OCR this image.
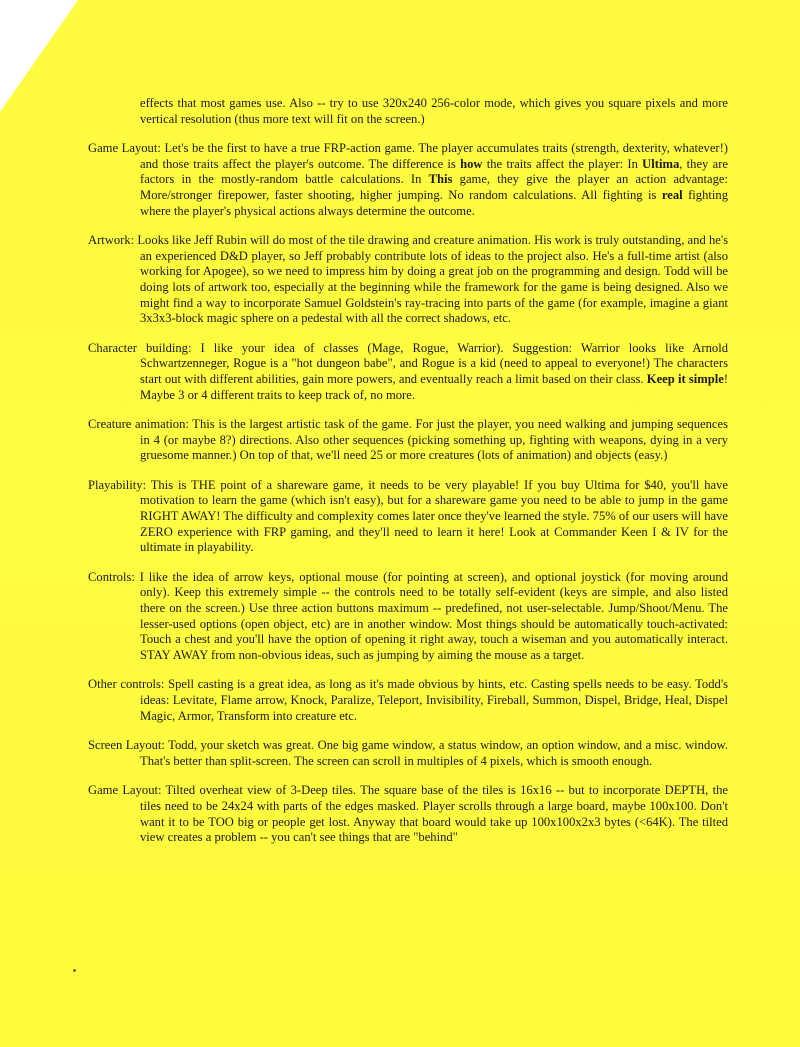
effects that most games use. Also -- try to use 320x240 256-color mode, which gives you square pixels and more vertical resolution (thus more text will fit on the screen.)

Game Layout: Let's be the first to have a true FRP-action game. The player accumulates traits (strength, dexterity, whatever!) and those traits affect the player's outcome. The difference is how the traits affect the player: In Ultima, they are factors in the mostly-random battle calculations. In This game, they give the player an action advantage: More/stronger firepower, faster shooting, higher jumping. No random calculations. All fighting is real fighting where the player's physical actions always determine the outcome.

Artwork: Looks like Jeff Rubin will do most of the tile drawing and creature animation. His work is truly outstanding, and he's an experienced D&D player, so Jeff probably contribute lots of ideas to the project also. He's a full-time artist (also working for Apogee), so we need to impress him by doing a great job on the programming and design. Todd will be doing lots of artwork too, especially at the beginning while the framework for the game is being designed. Also we might find a way to incorporate Samuel Goldstein's ray-tracing into parts of the game (for example, imagine a giant 3x3x3-block magic sphere on a pedestal with all the correct shadows, etc.

Character building: I like your idea of classes (Mage, Rogue, Warrior). Suggestion: Warrior looks like Arnold Schwartzenneger, Rogue is a "hot dungeon babe", and Rogue is a kid (need to appeal to everyone!) The characters start out with different abilities, gain more powers, and eventually reach a limit based on their class. Keep it simple! Maybe 3 or 4 different traits to keep track of, no more.

Creature animation: This is the largest artistic task of the game. For just the player, you need walking and jumping sequences in 4 (or maybe 8?) directions. Also other sequences (picking something up, fighting with weapons, dying in a very gruesome manner.) On top of that, we'll need 25 or more creatures (lots of animation) and objects (easy.)

Playability: This is THE point of a shareware game, it needs to be very playable! If you buy Ultima for $40, you'll have motivation to learn the game (which isn't easy), but for a shareware game you need to be able to jump in the game RIGHT AWAY! The difficulty and complexity comes later once they've learned the style. 75% of our users will have ZERO experience with FRP gaming, and they'll need to learn it here! Look at Commander Keen I & IV for the ultimate in playability.

Controls: I like the idea of arrow keys, optional mouse (for pointing at screen), and optional joystick (for moving around only). Keep this extremely simple -- the controls need to be totally self-evident (keys are simple, and also listed there on the screen.) Use three action buttons maximum -- predefined, not user-selectable. Jump/Shoot/Menu. The lesser-used options (open object, etc) are in another window. Most things should be automatically touch-activated: Touch a chest and you'll have the option of opening it right away, touch a wiseman and you automatically interact. STAY AWAY from non-obvious ideas, such as jumping by aiming the mouse as a target.

Other controls: Spell casting is a great idea, as long as it's made obvious by hints, etc. Casting spells needs to be easy. Todd's ideas: Levitate, Flame arrow, Knock, Paralize, Teleport, Invisibility, Fireball, Summon, Dispel, Bridge, Heal, Dispel Magic, Armor, Transform into creature etc.

Screen Layout: Todd, your sketch was great. One big game window, a status window, an option window, and a misc. window. That's better than split-screen. The screen can scroll in multiples of 4 pixels, which is smooth enough.

Game Layout: Tilted overheat view of 3-Deep tiles. The square base of the tiles is 16x16 -- but to incorporate DEPTH, the tiles need to be 24x24 with parts of the edges masked. Player scrolls through a large board, maybe 100x100. Don't want it to be TOO big or people get lost. Anyway that board would take up 100x100x2x3 bytes (<64K). The tilted view creates a problem -- you can't see things that are "behind"
